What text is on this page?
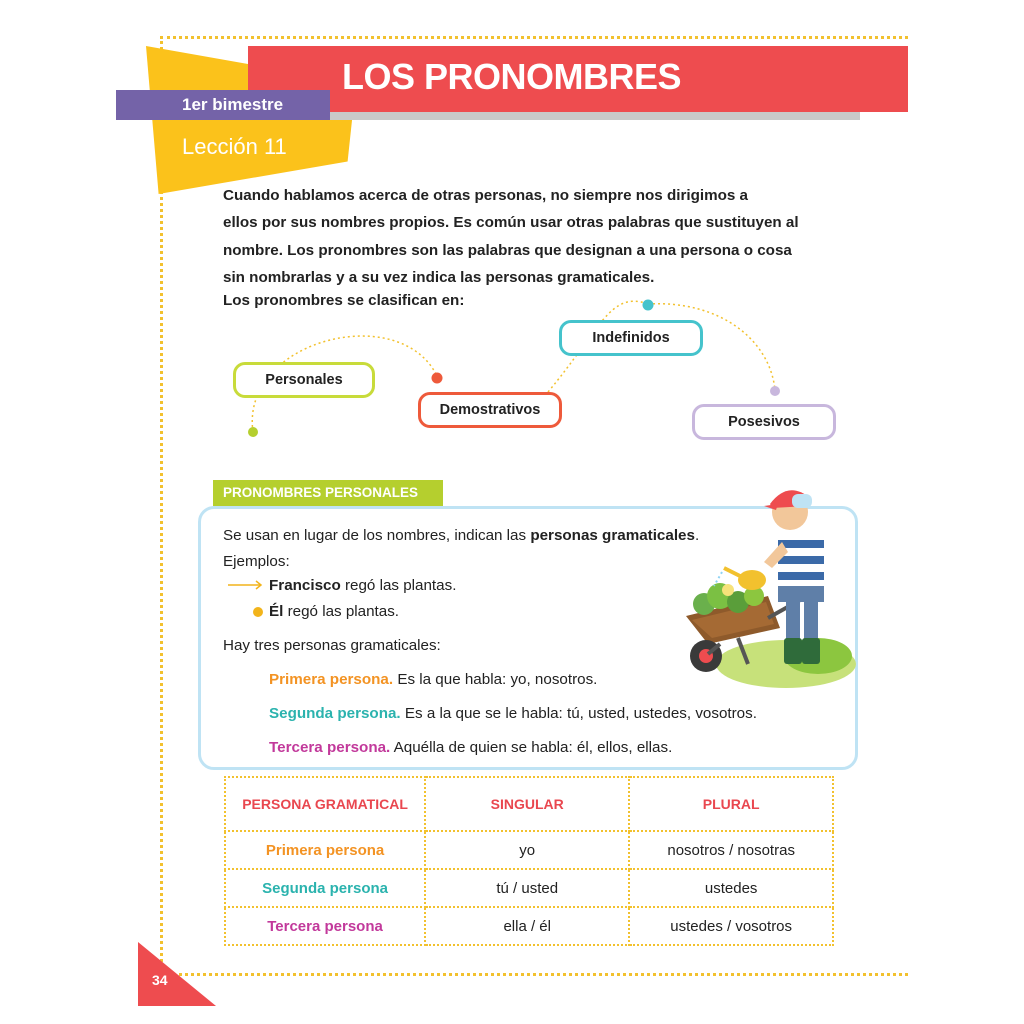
LOS PRONOMBRES
1er bimestre
Lección 11
Cuando hablamos acerca de otras personas, no siempre nos dirigimos a
ellos por sus nombres propios. Es común usar otras palabras que sustituyen al
nombre. Los pronombres son las palabras que designan a una persona o cosa
sin nombrarlas y a su vez indica las personas gramaticales.
Los pronombres se clasifican en:
Personales
Demostrativos
Indefinidos
Posesivos
PRONOMBRES PERSONALES
Se usan en lugar de los nombres, indican las personas gramaticales.
Ejemplos:
Francisco regó las plantas.
Él regó las plantas.
Hay tres personas gramaticales:
Primera persona. Es la que habla: yo, nosotros.
Segunda persona. Es a la que se le habla: tú, usted, ustedes, vosotros.
Tercera persona. Aquélla de quien se habla: él, ellos, ellas.
PERSONA GRAMATICAL	SINGULAR	PLURAL
Primera persona	yo	nosotros / nosotras
Segunda persona	tú / usted	ustedes
Tercera persona	ella / él	ustedes / vosotros
34
